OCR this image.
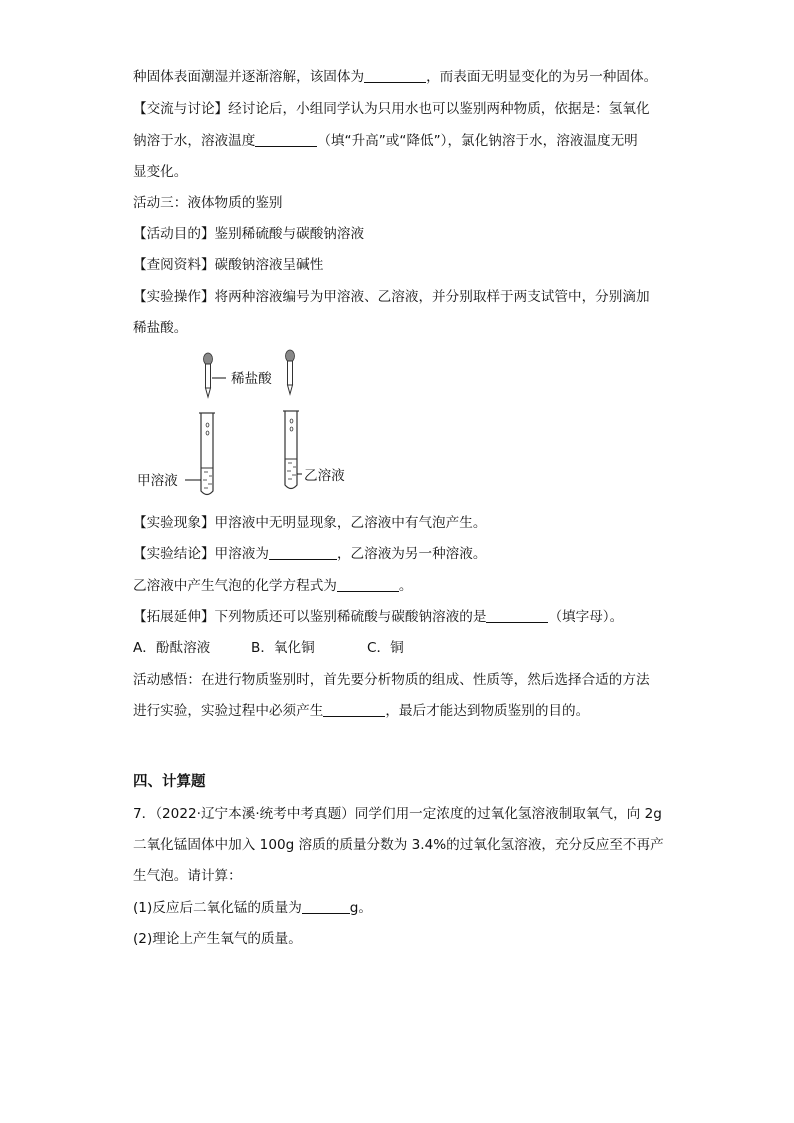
种固体表面潮湿并逐渐溶解，该固体为	，而表面无明显变化的为另一种固体。
【交流与讨论】经讨论后，小组同学认为只用水也可以鉴别两种物质，依据是：氢氧化
钠溶于水，溶液温度	（填“升高”或“降低”），氯化钠溶于水，溶液温度无明
显变化。
活动三：液体物质的鉴别
【活动目的】鉴别稀硫酸与碳酸钠溶液
【查阅资料】碳酸钠溶液呈碱性
【实验操作】将两种溶液编号为甲溶液、乙溶液，并分别取样于两支试管中，分别滴加
稀盐酸。
稀盐酸
甲溶液	乙溶液
【实验现象】甲溶液中无明显现象，乙溶液中有气泡产生。
【实验结论】甲溶液为	，乙溶液为另一种溶液。
乙溶液中产生气泡的化学方程式为	。
【拓展延伸】下列物质还可以鉴别稀硫酸与碳酸钠溶液的是	（填字母）。
A．酚酞溶液	B．氧化铜	C．铜
活动感悟：在进行物质鉴别时，首先要分析物质的组成、性质等，然后选择合适的方法
进行实验，实验过程中必须产生	，最后才能达到物质鉴别的目的。
四、计算题
7．（2022·辽宁本溪·统考中考真题）同学们用一定浓度的过氧化氢溶液制取氧气，向 2g
二氧化锰固体中加入 100g 溶质的质量分数为 3.4%的过氧化氢溶液，充分反应至不再产
生气泡。请计算：
(1)反应后二氧化锰的质量为	g。
(2)理论上产生氧气的质量。
